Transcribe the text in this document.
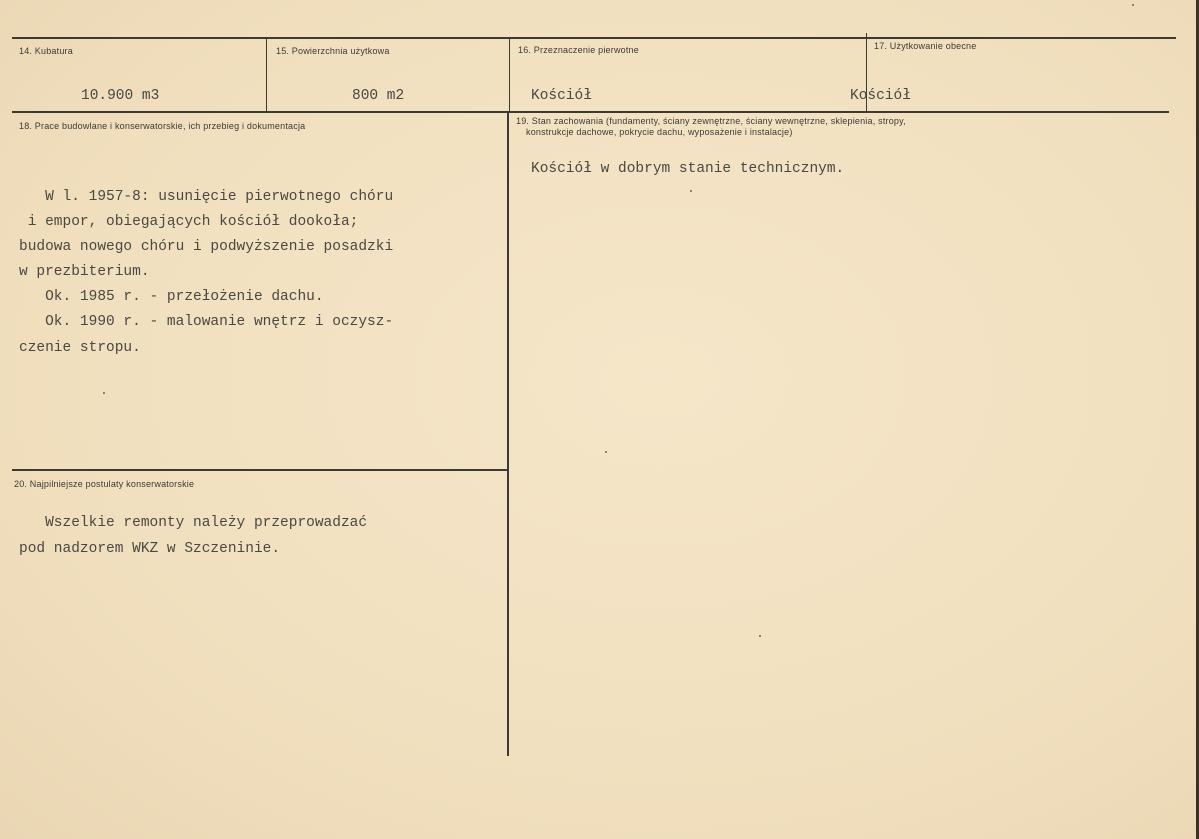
14. Kubatura
10.900 m3
15. Powierzchnia użytkowa
800 m2
16. Przeznaczenie pierwotne
Kościół
17. Użytkowanie obecne
Kościół
18. Prace budowlane i konserwatorskie, ich przebieg i dokumentacja
W l. 1957-8: usunięcie pierwotnego chóru
i empor, obiegających kościół dookoła;
budowa nowego chóru i podwyższenie posadzki
w prezbiterium.
Ok. 1985 r. - przełożenie dachu.
Ok. 1990 r. - malowanie wnętrz i oczysz-
czenie stropu.
19. Stan zachowania (fundamenty, ściany zewnętrzne, ściany wewnętrzne, sklepienia, stropy,
konstrukcje dachowe, pokrycie dachu, wyposażenie i instalacje)
Kościół w dobrym stanie technicznym.
20. Najpilniejsze postulaty konserwatorskie
Wszelkie remonty należy przeprowadzać
pod nadzorem WKZ w Szczeninie.
